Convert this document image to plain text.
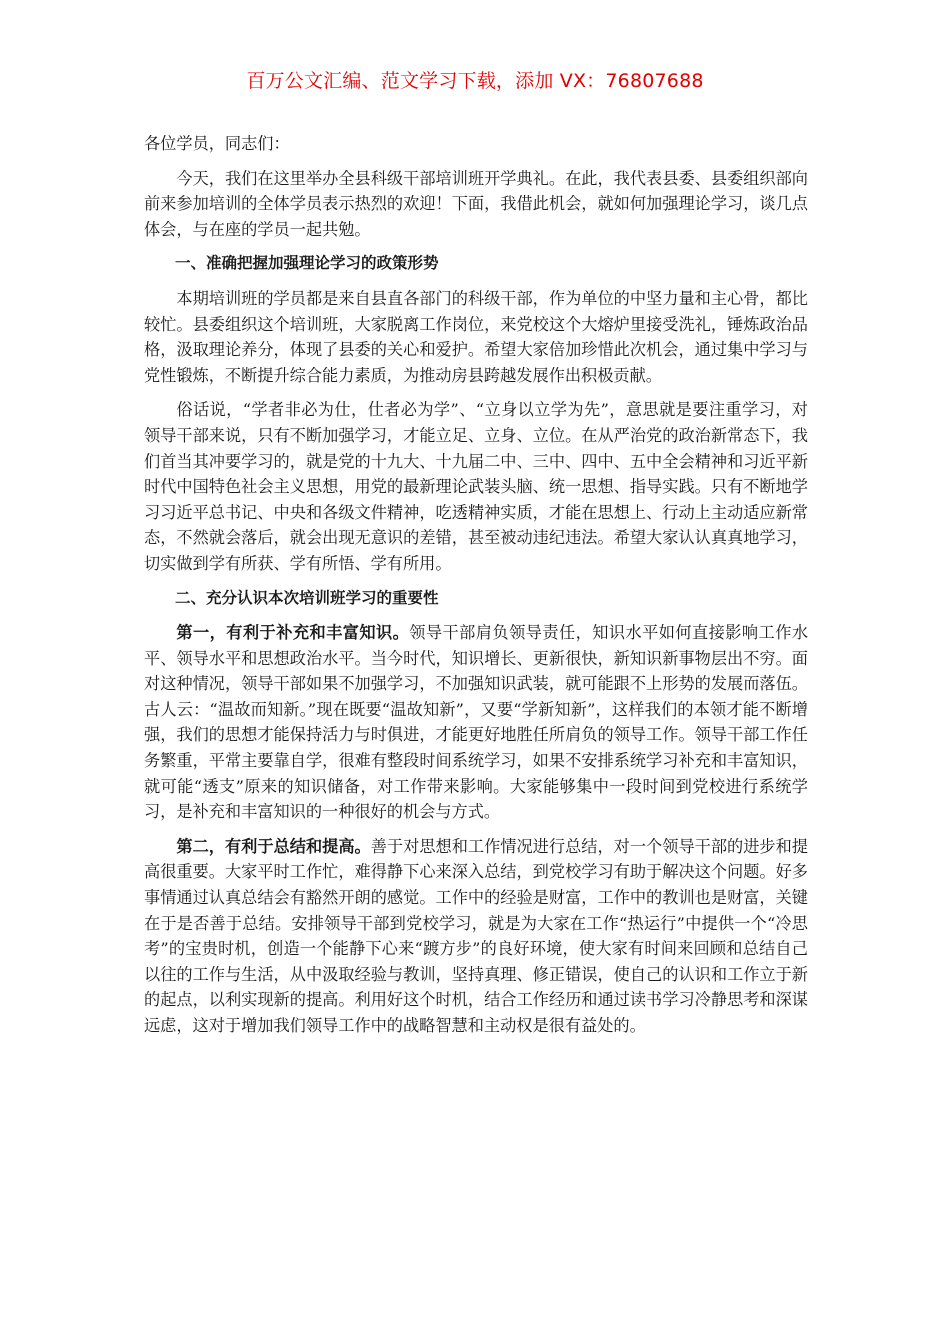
百万公文汇编、范文学习下载，添加 VX：76807688

各位学员，同志们：

今天，我们在这里举办全县科级干部培训班开学典礼。在此，我代表县委、县委组织部向前来参加培训的全体学员表示热烈的欢迎！下面，我借此机会，就如何加强理论学习，谈几点体会，与在座的学员一起共勉。

一、准确把握加强理论学习的政策形势

本期培训班的学员都是来自县直各部门的科级干部，作为单位的中坚力量和主心骨，都比较忙。县委组织这个培训班，大家脱离工作岗位，来党校这个大熔炉里接受洗礼，锤炼政治品格，汲取理论养分，体现了县委的关心和爱护。希望大家倍加珍惜此次机会，通过集中学习与党性锻炼，不断提升综合能力素质，为推动房县跨越发展作出积极贡献。

俗话说，“学者非必为仕，仕者必为学”、“立身以立学为先”，意思就是要注重学习，对领导干部来说，只有不断加强学习，才能立足、立身、立位。在从严治党的政治新常态下，我们首当其冲要学习的，就是党的十九大、十九届二中、三中、四中、五中全会精神和习近平新时代中国特色社会主义思想，用党的最新理论武装头脑、统一思想、指导实践。只有不断地学习习近平总书记、中央和各级文件精神，吃透精神实质，才能在思想上、行动上主动适应新常态，不然就会落后，就会出现无意识的差错，甚至被动违纪违法。希望大家认认真真地学习，切实做到学有所获、学有所悟、学有所用。

二、充分认识本次培训班学习的重要性

第一，有利于补充和丰富知识。领导干部肩负领导责任，知识水平如何直接影响工作水平、领导水平和思想政治水平。当今时代，知识增长、更新很快，新知识新事物层出不穷。面对这种情况，领导干部如果不加强学习，不加强知识武装，就可能跟不上形势的发展而落伍。古人云：“温故而知新。”现在既要“温故知新”，又要“学新知新”，这样我们的本领才能不断增强，我们的思想才能保持活力与时俱进，才能更好地胜任所肩负的领导工作。领导干部工作任务繁重，平常主要靠自学，很难有整段时间系统学习，如果不安排系统学习补充和丰富知识，就可能“透支”原来的知识储备，对工作带来影响。大家能够集中一段时间到党校进行系统学习，是补充和丰富知识的一种很好的机会与方式。

第二，有利于总结和提高。善于对思想和工作情况进行总结，对一个领导干部的进步和提高很重要。大家平时工作忙，难得静下心来深入总结，到党校学习有助于解决这个问题。好多事情通过认真总结会有豁然开朗的感觉。工作中的经验是财富，工作中的教训也是财富，关键在于是否善于总结。安排领导干部到党校学习，就是为大家在工作“热运行”中提供一个“冷思考”的宝贵时机，创造一个能静下心来“踱方步”的良好环境，使大家有时间来回顾和总结自己以往的工作与生活，从中汲取经验与教训，坚持真理、修正错误，使自己的认识和工作立于新的起点，以利实现新的提高。利用好这个时机，结合工作经历和通过读书学习冷静思考和深谋远虑，这对于增加我们领导工作中的战略智慧和主动权是很有益处的。
